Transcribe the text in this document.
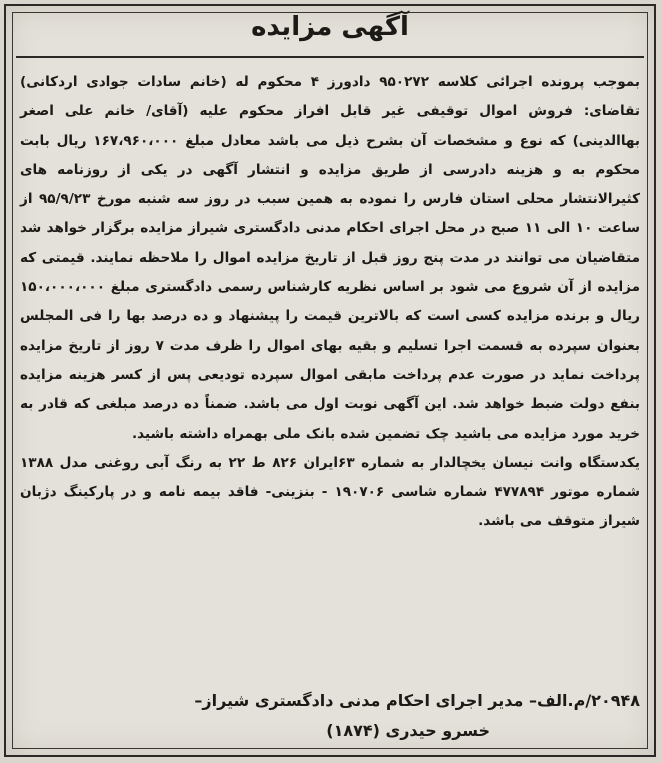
آگهی مزایده

بموجب پرونده اجرائی کلاسه ۹۵۰۲۷۲ دادورز ۴ محکوم له (خانم سادات جوادی اردکانی) تقاضای: فروش اموال توقیفی غیر قابل افراز محکوم علیه (آقای/ خانم علی اصغر بهاالدینی) که نوع و مشخصات آن بشرح ذیل می باشد معادل مبلغ ۱۶۷،۹۶۰،۰۰۰ ریال بابت محکوم به و هزینه دادرسی از طریق مزایده و انتشار آگهی در یکی از روزنامه های کثیرالانتشار محلی استان فارس را نموده به همین سبب در روز سه شنبه مورخ ۹۵/۹/۲۳ از ساعت ۱۰ الی ۱۱ صبح در محل اجرای احکام مدنی دادگستری شیراز مزایده برگزار خواهد شد متقاضیان می توانند در مدت پنج روز قبل از تاریخ مزایده اموال را ملاحظه نمایند. قیمتی که مزایده از آن شروع می شود بر اساس نظریه کارشناس رسمی دادگستری مبلغ ۱۵۰،۰۰۰،۰۰۰ ریال و برنده مزایده کسی است که بالاترین قیمت را پیشنهاد و ده درصد بها را فی المجلس بعنوان سپرده به قسمت اجرا تسلیم و بقیه بهای اموال را ظرف مدت ۷ روز از تاریخ مزایده پرداخت نماید در صورت عدم پرداخت مابقی اموال سپرده تودیعی پس از کسر هزینه مزایده بنفع دولت ضبط خواهد شد. این آگهی نوبت اول می باشد. ضمناً ده درصد مبلغی که قادر به خرید مورد مزایده می باشید چک تضمین شده بانک ملی بهمراه داشته باشید.

یکدستگاه وانت نیسان یخچالدار به شماره ۶۳ایران ۸۲۶ ط ۲۲ به رنگ آبی روغنی مدل ۱۳۸۸ شماره موتور ۴۷۷۸۹۴ شماره شاسی ۱۹۰۷۰۶ - بنزینی- فاقد بیمه نامه و در پارکینگ دژبان شیراز متوقف می باشد.

۲۰۹۴۸/م.الف– مدیر اجرای احکام مدنی دادگستری شیراز–
خسرو حیدری (۱۸۷۴)
